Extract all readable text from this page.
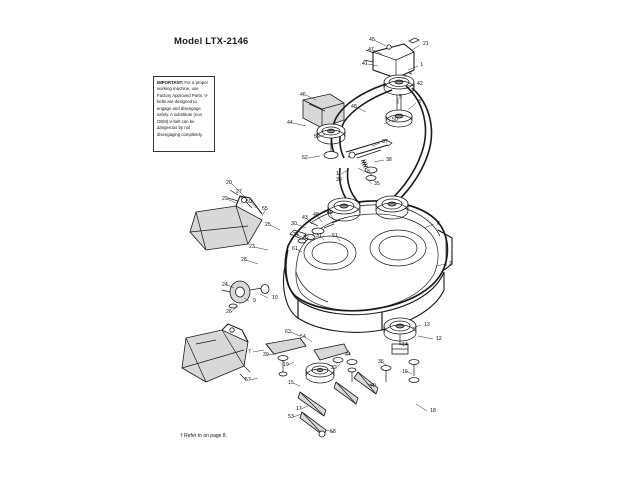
Model LTX-2146
IMPORTANT: For a proper working machine, use Factory Approved Parts. V-belts are designed to engage and disengage safely. A substitute (non OEM) V-belt can be dangerous by not disengaging completely.
† Refer to on page 8.
45
21
47
41	1
4
42
46	5
3
48
50
44
52
37
62	38
11
33
8
35
20
27
29	59
55
30
43 48 49
6
25
34 32 31 51
23	61
28
2
24
10
9
26
13
63
54	12
14
7 39	44
36
19	22
16
57	15	40
18
17
53
58
